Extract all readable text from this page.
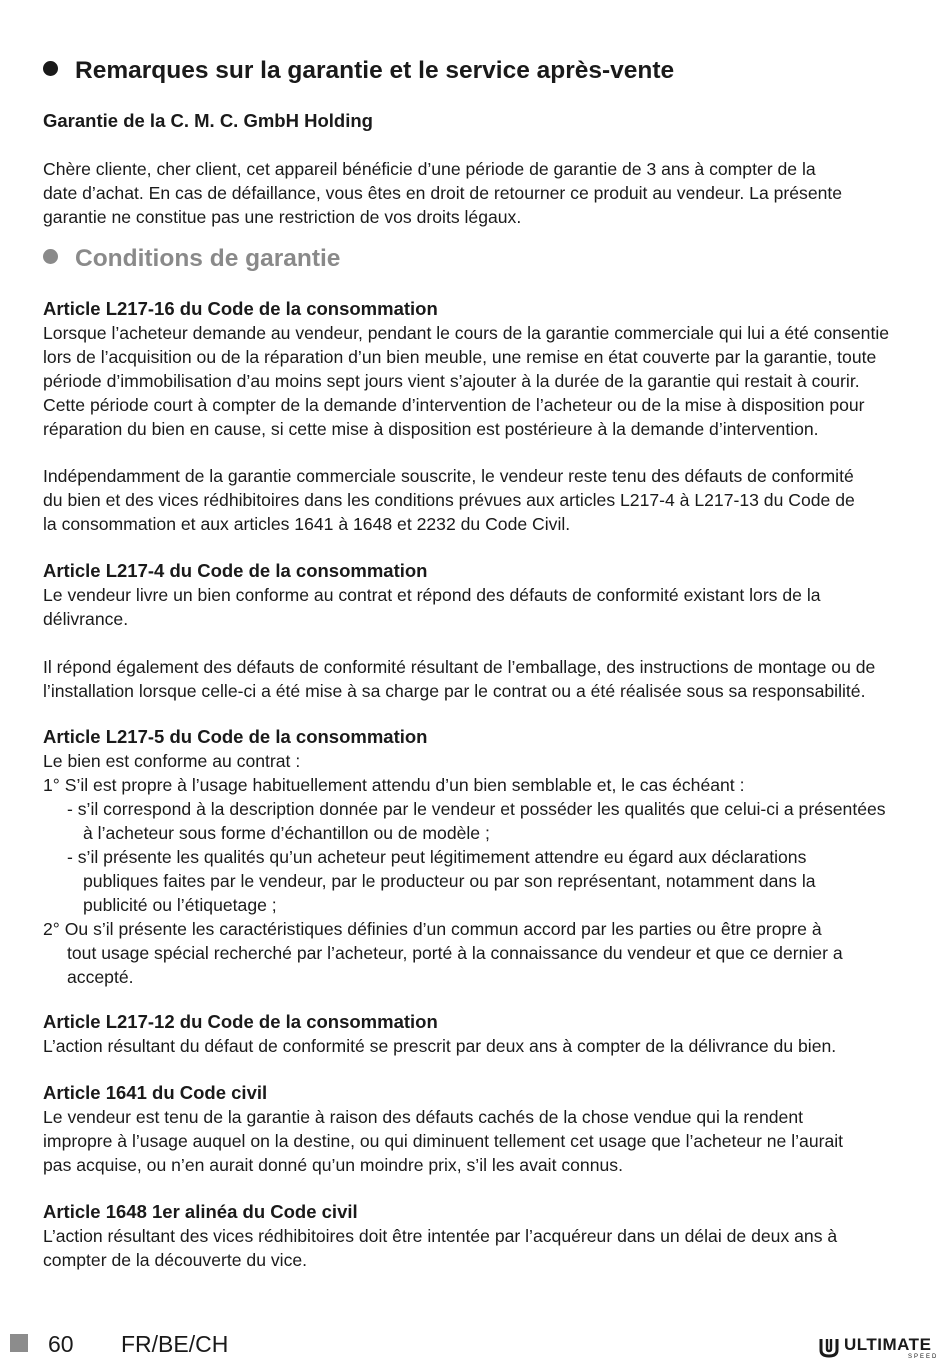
Remarques sur la garantie et le service après-vente
Garantie de la C. M. C. GmbH Holding
Chère cliente, cher client, cet appareil bénéficie d’une période de garantie de 3 ans à compter de la
date d’achat. En cas de défaillance, vous êtes en droit de retourner ce produit au vendeur. La présente
garantie ne constitue pas une restriction de vos droits légaux.
Conditions de garantie
Article L217-16 du Code de la consommation
Lorsque l’acheteur demande au vendeur, pendant le cours de la garantie commerciale qui lui a été consentie
lors de l’acquisition ou de la réparation d’un bien meuble, une remise en état couverte par la garantie, toute
période d’immobilisation d’au moins sept jours vient s’ajouter à la durée de la garantie qui restait à courir.
Cette période court à compter de la demande d’intervention de l’acheteur ou de la mise à disposition pour
réparation du bien en cause, si cette mise à disposition est postérieure à la demande d’intervention.
Indépendamment de la garantie commerciale souscrite, le vendeur reste tenu des défauts de conformité
du bien et des vices rédhibitoires dans les conditions prévues aux articles L217-4 à L217-13 du Code de
la consommation et aux articles 1641 à 1648 et 2232 du Code Civil.
Article L217-4 du Code de la consommation
Le vendeur livre un bien conforme au contrat et répond des défauts de conformité existant lors de la
délivrance.
Il répond également des défauts de conformité résultant de l’emballage, des instructions de montage ou de
l’installation lorsque celle-ci a été mise à sa charge par le contrat ou a été réalisée sous sa responsabilité.
Article L217-5 du Code de la consommation
Le bien est conforme au contrat :
1° S’il est propre à l’usage habituellement attendu d’un bien semblable et, le cas échéant :
- s’il correspond à la description donnée par le vendeur et posséder les qualités que celui-ci a présentées
à l’acheteur sous forme d’échantillon ou de modèle ;
- s’il présente les qualités qu’un acheteur peut légitimement attendre eu égard aux déclarations
publiques faites par le vendeur, par le producteur ou par son représentant, notamment dans la
publicité ou l’étiquetage ;
2° Ou s’il présente les caractéristiques définies d’un commun accord par les parties ou être propre à
tout usage spécial recherché par l’acheteur, porté à la connaissance du vendeur et que ce dernier a
accepté.
Article L217-12 du Code de la consommation
L’action résultant du défaut de conformité se prescrit par deux ans à compter de la délivrance du bien.
Article 1641 du Code civil
Le vendeur est tenu de la garantie à raison des défauts cachés de la chose vendue qui la rendent
impropre à l’usage auquel on la destine, ou qui diminuent tellement cet usage que l’acheteur ne l’aurait
pas acquise, ou n’en aurait donné qu’un moindre prix, s’il les avait connus.
Article 1648 1er alinéa du Code civil
L’action résultant des vices rédhibitoires doit être intentée par l’acquéreur dans un délai de deux ans à
compter de la découverte du vice.
60 FR/BE/CH	ULTIMATE
SPEED
